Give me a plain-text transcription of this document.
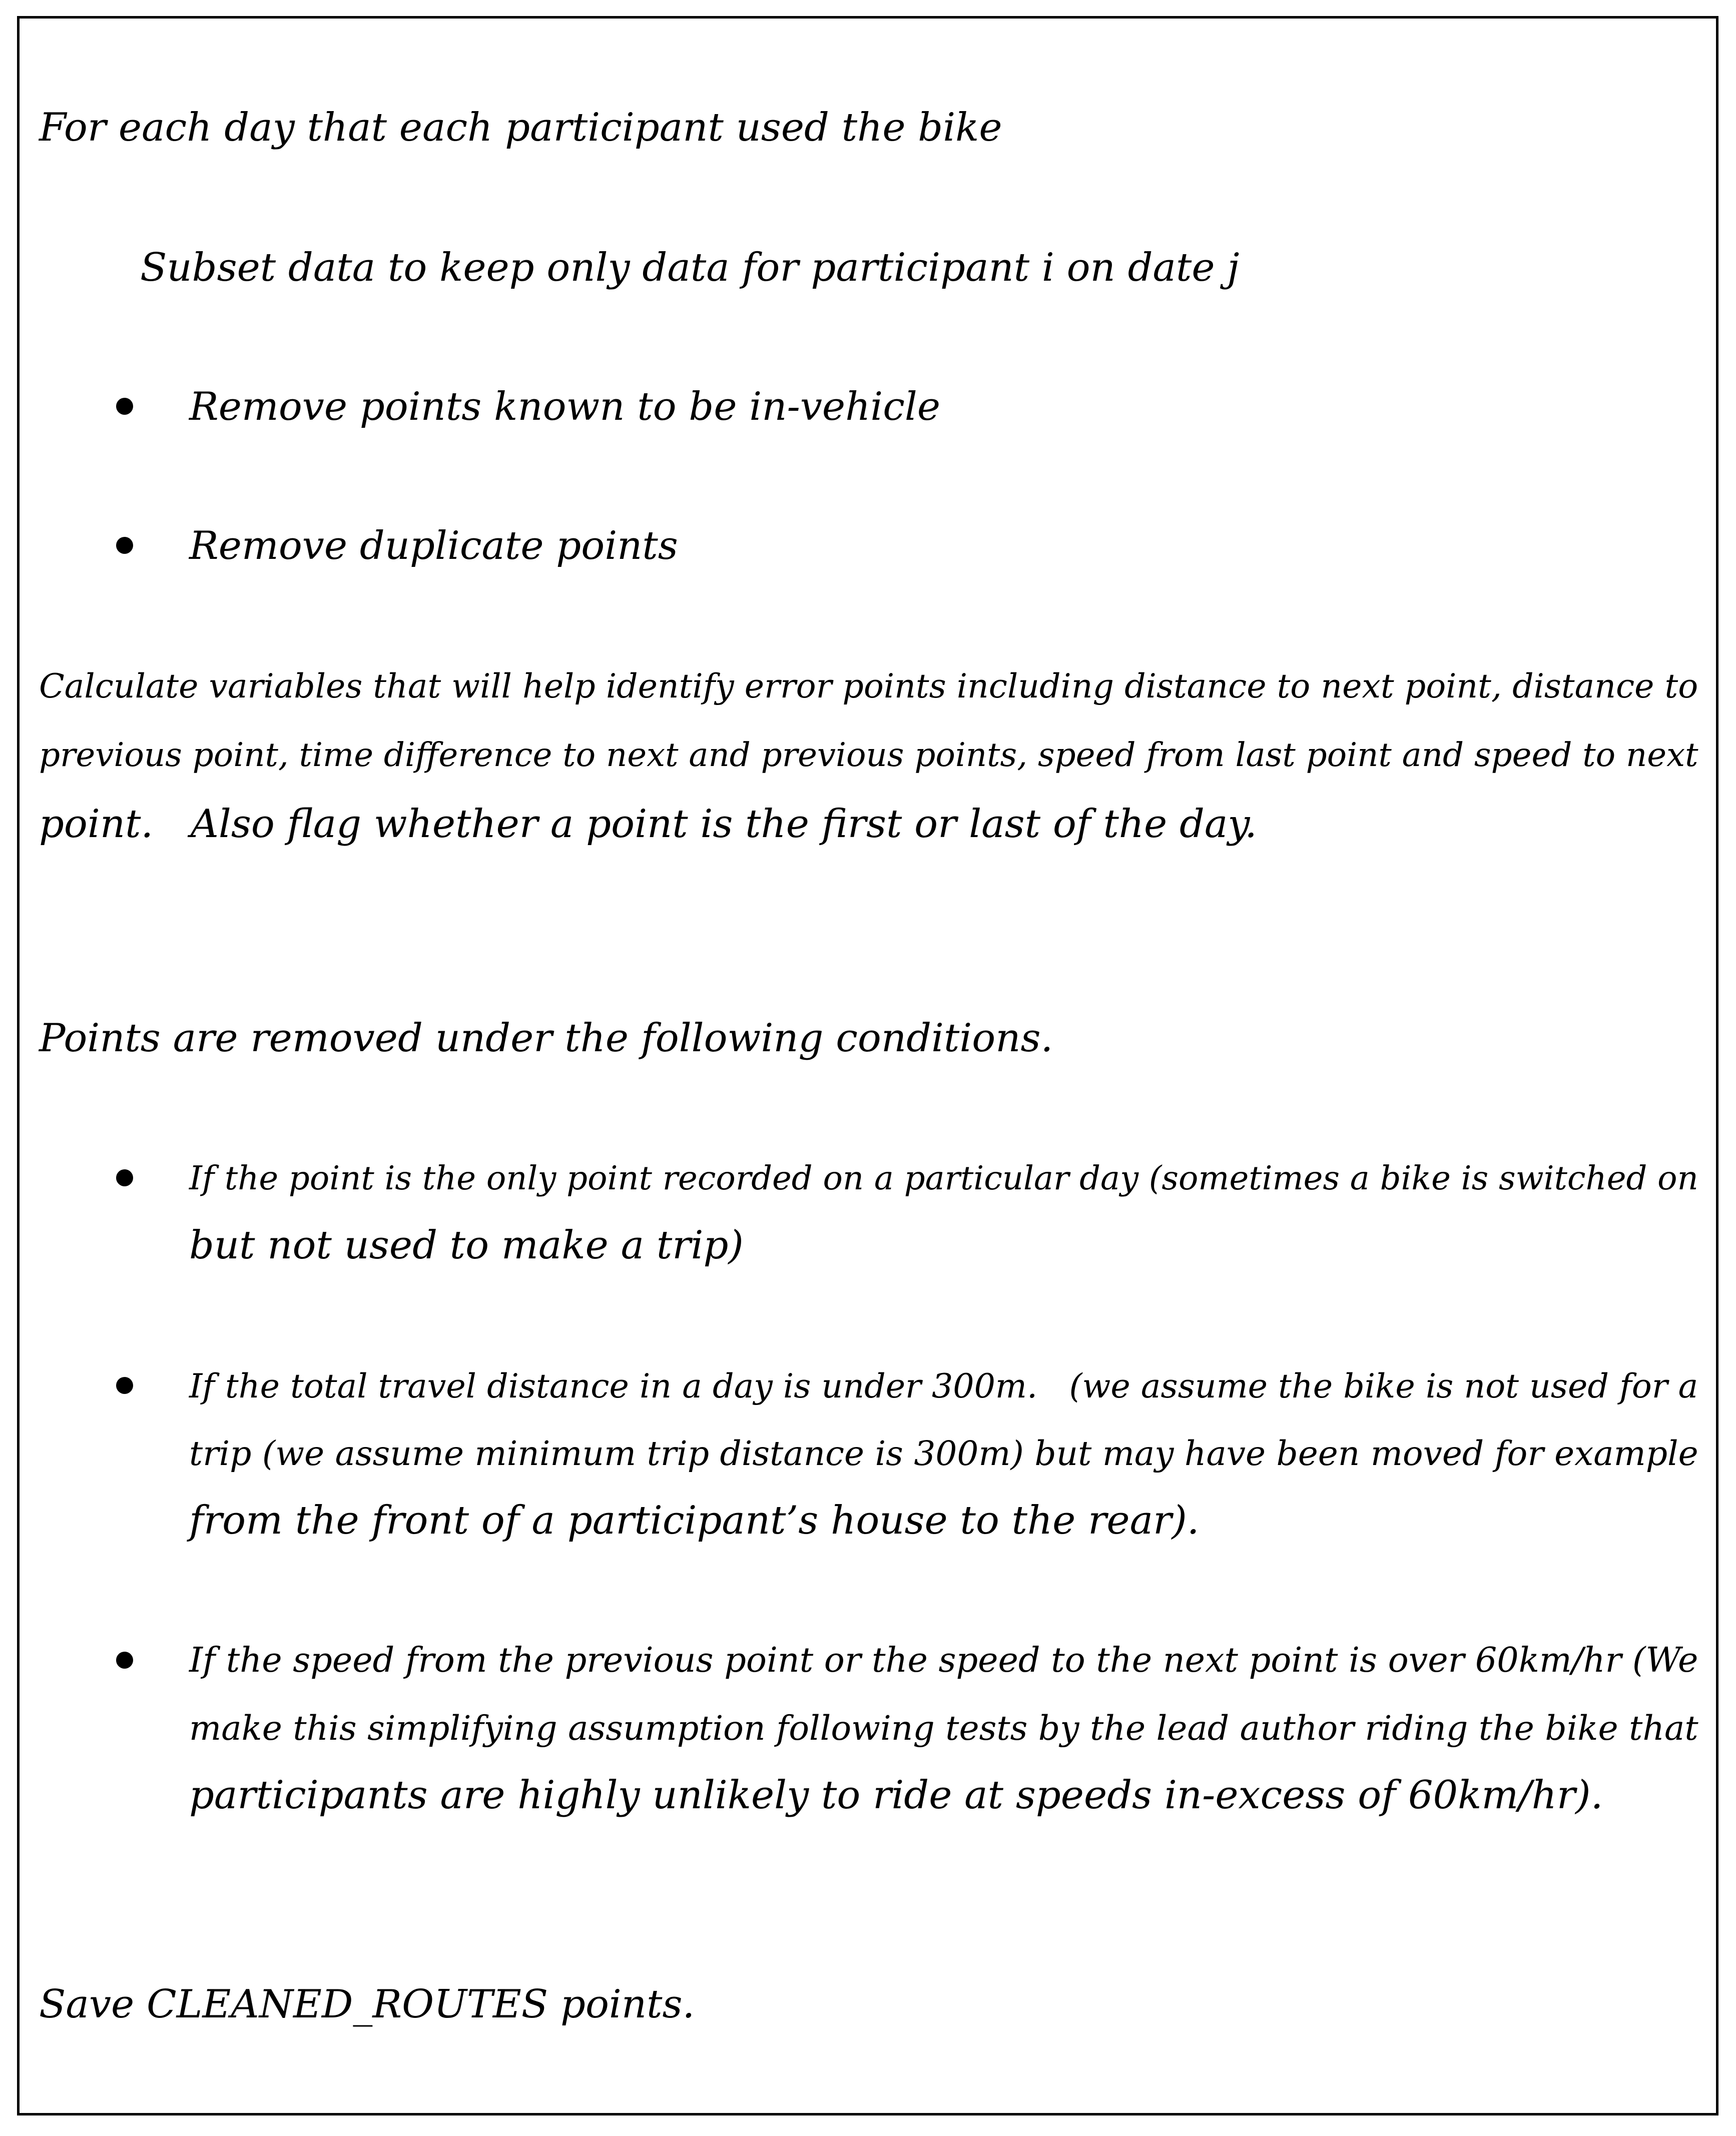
For each day that each participant used the bike

Subset data to keep only data for participant i on date j

Remove points known to be in-vehicle

Remove duplicate points

Calculate variables that will help identify error points including distance to next point, distance to

previous point, time difference to next and previous points, speed from last point and speed to next

point.   Also flag whether a point is the first or last of the day.

Points are removed under the following conditions.

If the point is the only point recorded on a particular day (sometimes a bike is switched on

but not used to make a trip)

If the total travel distance in a day is under 300m.   (we assume the bike is not used for a

trip (we assume minimum trip distance is 300m) but may have been moved for example

from the front of a participant’s house to the rear).

If the speed from the previous point or the speed to the next point is over 60km/hr (We

make this simplifying assumption following tests by the lead author riding the bike that

participants are highly unlikely to ride at speeds in-excess of 60km/hr).

Save CLEANED_ROUTES points.
